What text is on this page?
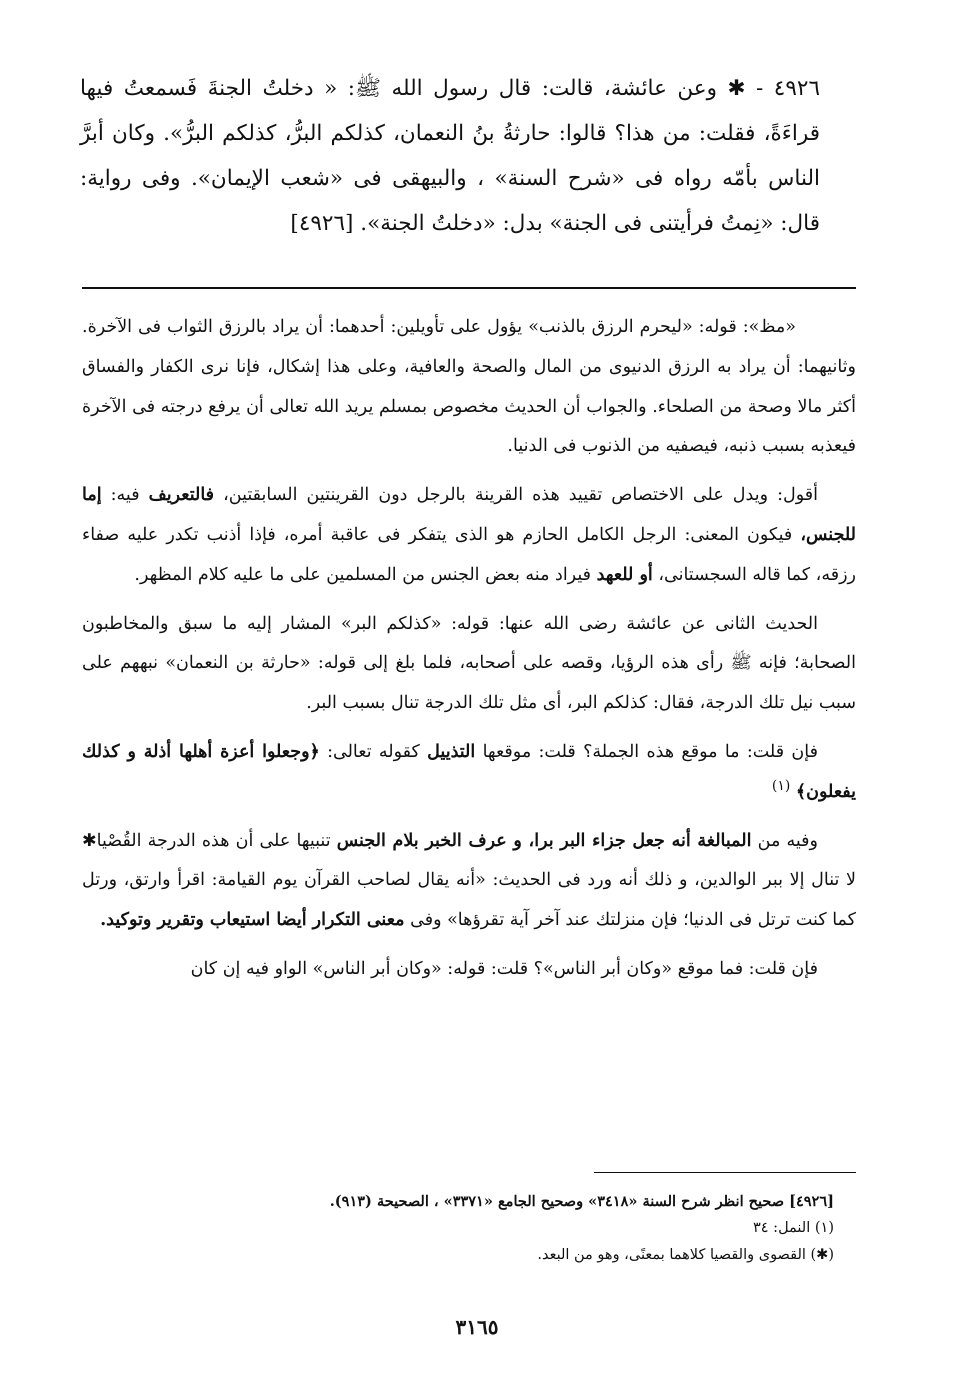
٤٩٢٦ - ✱ وعن عائشة، قالت: قال رسول الله ﷺ: « دخلتُ الجنةَ فَسمعتُ فيها قراءَةً، فقلت: من هذا؟ قالوا: حارثةُ بنُ النعمان، كذلكم البرُّ، كذلكم البرُّ». وكان أبرَّ الناس بأمّه رواه فى «شرح السنة» ، والبيهقى فى «شعب الإيمان». وفى رواية: قال: «نِمتُ فرأيتنى فى الجنة» بدل: «دخلتُ الجنة». [٤٩٢٦]

«مظ»: قوله: «ليحرم الرزق بالذنب» يؤول على تأويلين: أحدهما: أن يراد بالرزق الثواب فى الآخرة. وثانيهما: أن يراد به الرزق الدنيوى من المال والصحة والعافية، وعلى هذا إشكال، فإنا نرى الكفار والفساق أكثر مالا وصحة من الصلحاء. والجواب أن الحديث مخصوص بمسلم يريد الله تعالى أن يرفع درجته فى الآخرة فيعذبه بسبب ذنبه، فيصفيه من الذنوب فى الدنيا.

أقول: ويدل على الاختصاص تقييد هذه القرينة بالرجل دون القرينتين السابقتين، فالتعريف فيه: إما للجنس، فيكون المعنى: الرجل الكامل الحازم هو الذى يتفكر فى عاقبة أمره، فإذا أذنب تكدر عليه صفاء رزقه، كما قاله السجستانى، أو للعهد فيراد منه بعض الجنس من المسلمين على ما عليه كلام المظهر.

الحديث الثانى عن عائشة رضى الله عنها: قوله: «كذلكم البر» المشار إليه ما سبق والمخاطبون الصحابة؛ فإنه ﷺ رأى هذه الرؤيا، وقصه على أصحابه، فلما بلغ إلى قوله: «حارثة بن النعمان» نبههم على سبب نيل تلك الدرجة، فقال: كذلكم البر، أى مثل تلك الدرجة تنال بسبب البر.

فإن قلت: ما موقع هذه الجملة؟ قلت: موقعها التذييل كقوله تعالى: ﴿وجعلوا أعزة أهلها أذلة و كذلك يفعلون﴾ $^{(١)}$

وفيه من المبالغة أنه جعل جزاء البر برا، و عرف الخبر بلام الجنس تنبيها على أن هذه الدرجة القُصْيا✱ لا تنال إلا ببر الوالدين، و ذلك أنه ورد فى الحديث: «أنه يقال لصاحب القرآن يوم القيامة: اقرأ وارتق، ورتل كما كنت ترتل فى الدنيا؛ فإن منزلتك عند آخر آية تقرؤها» وفى معنى التكرار أيضا استيعاب وتقرير وتوكيد.

فإن قلت: فما موقع «وكان أبر الناس»؟ قلت: قوله: «وكان أبر الناس» الواو فيه إن كان

[٤٩٢٦] صحيح انظر شرح السنة «٣٤١٨» وصحيح الجامع «٣٣٧١» ، الصحيحة (٩١٣).
(١) النمل: ٣٤
(✱) القصوى والقصيا كلاهما بمعنًى، وهو من البعد.
٣١٦٥
